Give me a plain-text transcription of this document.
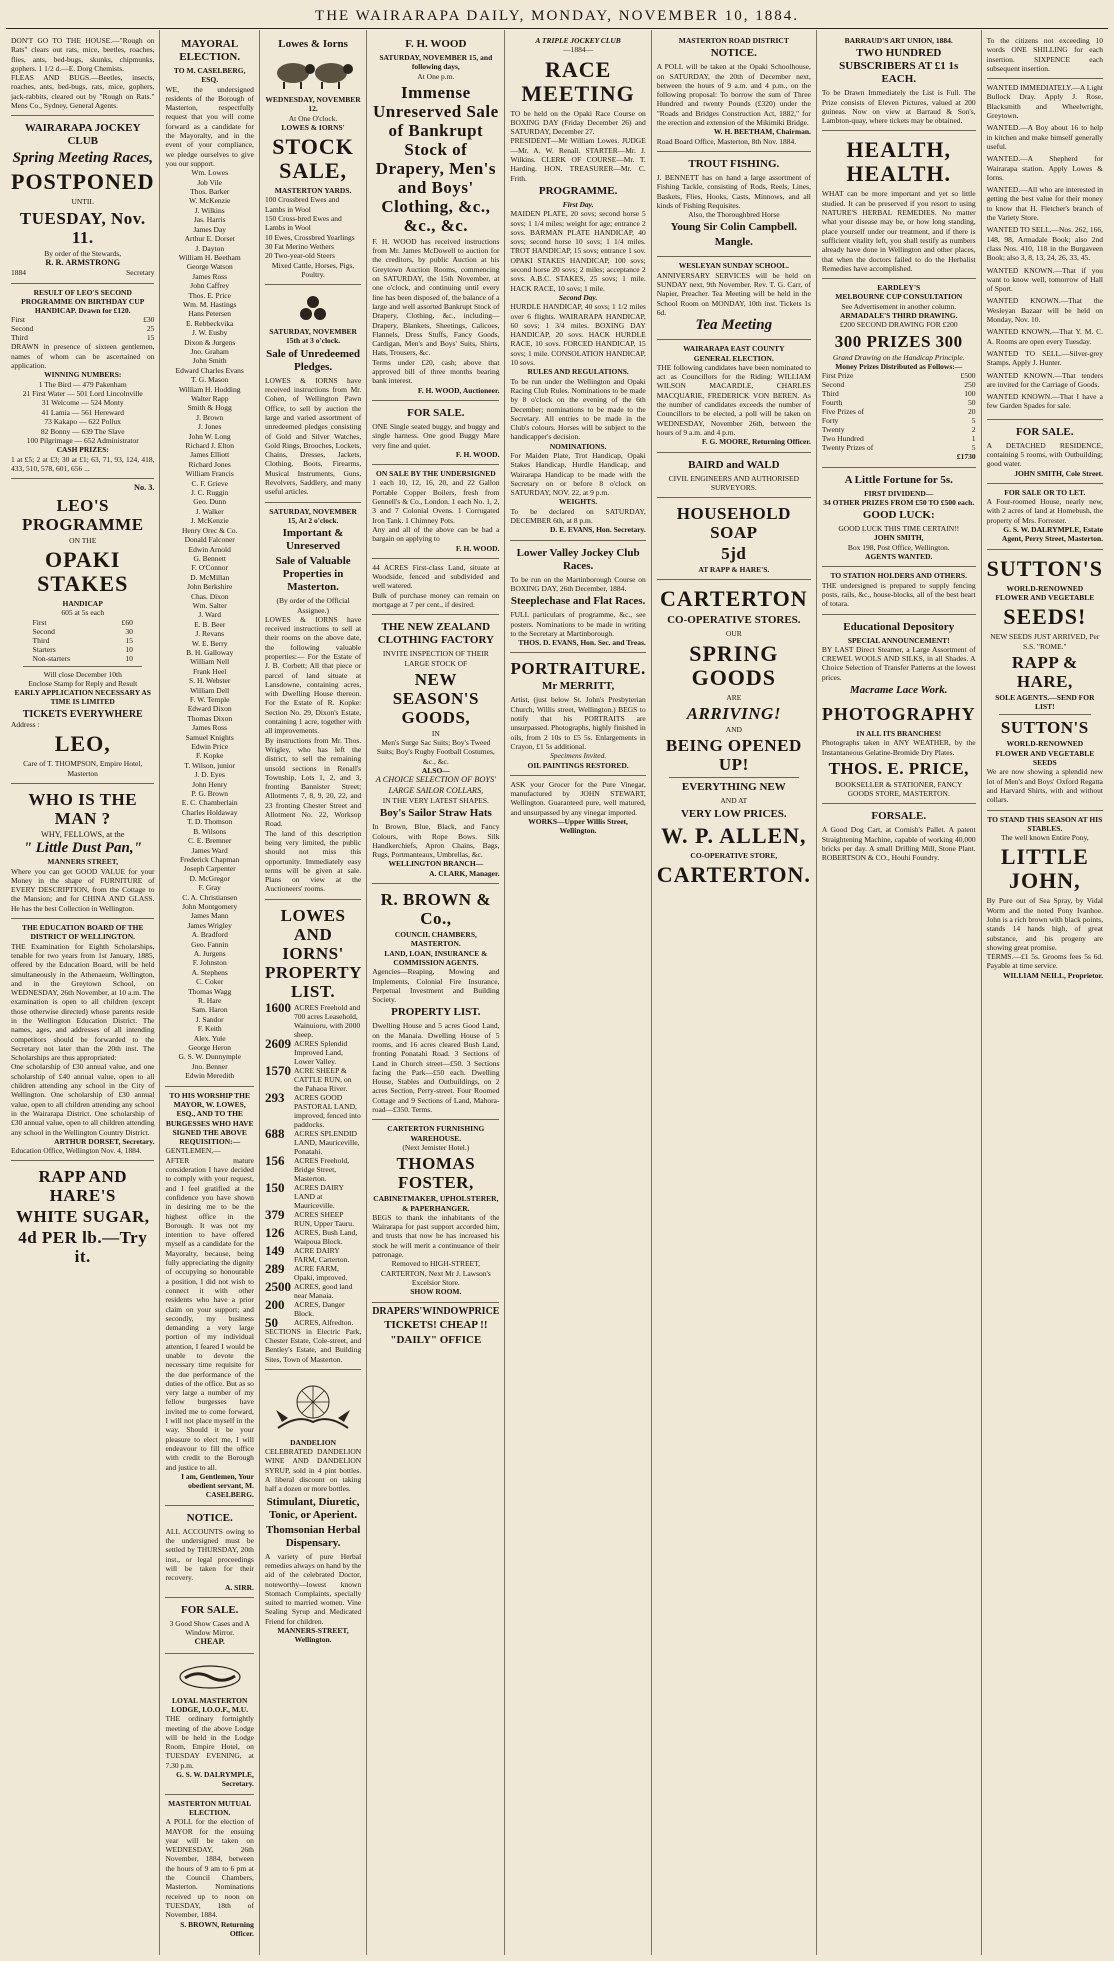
THE WAIRARAPA DAILY, MONDAY, NOVEMBER 10, 1884.
DON'T GO TO THE HOUSE.—"Rough on Rats" clears out rats, mice, beetles, roaches, flies, ants, bed-bugs, skunks, chipmunks, gophers. 1 1/2 d.—E. Dorg Chemists.
FLEAS AND BUGS.—Beetles, insects, roaches, ants, bed-bugs, rats, mice, gophers, jack-rabbits, cleared out by "Rough on Rats." Mens Co., Sydney, General Agents.
WAIRARAPA JOCKEY CLUB
Spring Meeting Races,
POSTPONED
UNTIL
TUESDAY, Nov. 11.
By order of the Stewards,
R. R. ARMSTRONG
1884	Secretary
RESULT OF LEO'S SECOND PROGRAMME ON BIRTHDAY CUP HANDICAP. Drawn for £120.
First	£30
Second	25
Third	15
DRAWN in presence of sixteen gentlemen, names of whom can be ascertained on application.
WINNING NUMBERS:
1 The Bird — 479 Pakenham
21 First Water — 501 Lord Lincolnville
31 Welcome — 524 Monty
41 Lamia — 561 Hereward
73 Kakapo — 622 Pollux
82 Bonny — 639 The Slave
100 Pilgrimage — 652 Administrator
CASH PRIZES:
1 at £5; 2 at £3; 30 at £1; 63, 71, 93, 124, 418, 433, 510, 578, 601, 656 ...
No. 3.
LEO'S PROGRAMME
ON THE
OPAKI STAKES
HANDICAP
605 at 5s each
First	£60
Second	30
Third	15
Starters	10
Non-starters	10
Will close December 10th
Enclose Stamp for Reply and Result
EARLY APPLICATION NECESSARY AS TIME IS LIMITED
TICKETS EVERYWHERE
Address :
LEO,
Care of T. THOMPSON, Empire Hotel, Masterton
WHO IS THE MAN ?
WHY, FELLOWS, at the
" Little Dust Pan,"
MANNERS STREET,
Where you can get GOOD VALUE for your Money in the shape of FURNITURE of EVERY DESCRIPTION, from the Cottage to the Mansion; and for CHINA AND GLASS. He has the best Collection in Wellington.
THE EDUCATION BOARD OF THE DISTRICT OF WELLINGTON.
THE Examination for Eighth Scholarships, tenable for two years from 1st January, 1885, offered by the Education Board, will be held simultaneously in the Athenaeum, Wellington, and in the Greytown School, on WEDNESDAY, 26th November, at 10 a.m. The examination is open to all children (except those otherwise directed) whose parents reside in the Wellington Education District. The names, ages, and addresses of all intending competitors should be forwarded to the Secretary not later than the 20th inst. The Scholarships are thus appropriated:
One scholarship of £30 annual value, and one scholarship of £40 annual value, open to all children attending any school in the City of Wellington. One scholarship of £30 annual value, open to all children attending any school in the Wairarapa District. One scholarship of £30 annual value, open to all children attending any school in the Wellington Country District.
ARTHUR DORSET, Secretary.
Education Office, Wellington Nov. 4, 1884.
RAPP AND HARE'S
WHITE SUGAR,
4d PER lb.—Try it.
MAYORAL ELECTION.
TO M. CASELBERG, ESQ.
WE, the undersigned residents of the Borough of Masterton, respectfully request that you will come forward as a candidate for the Mayoralty, and in the event of your compliance, we pledge ourselves to give you our support.
Wm. Lowes
Job Vile
Thos. Barker
W. McKenzie
J. Wilkins
Jas. Harris
James Day
Arthur E. Dorset
J. Dayton
William H. Beetham
George Watson
James Ross
John Caffrey
Thos. E. Price
Wm. M. Hastings
Hans Petersen
E. Rebbeckvika
J. W. Eusby
Dixon & Jurgens
Jno. Graham
John Smith
Edward Charles Evans
T. G. Mason
William H. Hodding
Walter Rapp
Smith & Hogg
J. Brown
J. Jones
John W. Long
Richard J. Elton
James Elliott
Richard Jones
William Francis
C. F. Grieve
J. C. Ruggin
Geo. Dunn
J. Walker
J. McKenzie
Henry Orec & Co.
Donald Falconer
Edwin Arnold
G. Bennett
F. O'Connor
D. McMillan
John Berkshire
Chas. Dixon
Wm. Salter
J. Ward
E. B. Beer
J. Revans
W. E. Berry
B. H. Galloway
William Nell
Frank Heel
S. H. Webster
William Dell
F. W. Temple
Edward Dixon
Thomas Dixon
James Ross
Samuel Knights
Edwin Price
F. Kopke
T. Wilson, junior
J. D. Eyes
John Henry
P. G. Brown
E. C. Chamberlain
Charles Holdaway
T. D. Thomson
B. Wilsons
C. E. Bremner
James Ward
Frederick Chapman
Joseph Carpenter
D. McGregor
F. Gray
C. A. Christiansen
John Montgomery
James Mann
James Wrigley
A. Bradford
Geo. Fannin
A. Jurgens
F. Johnston
A. Stephens
C. Coker
Thomas Wagg
R. Hare
Sam. Haron
J. Sandor
F. Keith
Alex. Yule
George Heron
G. S. W. Dunnymple
Jno. Benner
Edwin Meredith
TO HIS WORSHIP THE MAYOR, W. LOWES, ESQ., AND TO THE BURGESSES WHO HAVE SIGNED THE ABOVE REQUISITION:—
GENTLEMEN,—
AFTER mature consideration I have decided to comply with your request, and I feel gratified at the confidence you have shown in desiring me to be the highest office in the Borough. It was not my intention to have offered myself as a candidate for the Mayoralty, because, being fully appreciating the dignity of occupying so honourable a position, I did not wish to connect it with other residents who have a prior claim on your support; and secondly, my business demanding a very large portion of my individual attention, I feared I would be unable to devote the necessary time requisite for the due performance of the duties of the office. But as so very large a number of my fellow burgesses have invited me to come forward, I will not place myself in the way. Should it be your pleasure to elect me, I will endeavour to fill the office with credit to the Borough and justice to all.
I am, Gentlemen, Your obedient servant, M. CASELBERG.
NOTICE.
ALL ACCOUNTS owing to the undersigned must be settled by THURSDAY, 20th inst., or legal proceedings will be taken for their recovery.
A. SIRR.
FOR SALE.
3 Good Show Cases and A Window Mirror.
CHEAP.
LOYAL MASTERTON LODGE, I.O.O.F., M.U.
THE ordinary fortnightly meeting of the above Lodge will be held in the Lodge Room, Empire Hotel, on TUESDAY EVENING, at 7.30 p.m.
G. S. W. DALRYMPLE, Secretary.
MASTERTON MUTUAL ELECTION.
A POLL for the election of MAYOR for the ensuing year will be taken on WEDNESDAY, 26th November, 1884, between the hours of 9 am to 6 pm at the Council Chambers, Masterton. Nominations received up to noon on TUESDAY, 18th of November, 1884.
S. BROWN, Returning Officer.
Lowes & Iorns
WEDNESDAY, NOVEMBER 12.
At One O'clock.
LOWES & IORNS'
STOCK SALE,
MASTERTON YARDS.
100 Crossbred Ewes and Lambs in Wool
150 Cross-bred Ewes and Lambs in Wool
10 Ewes, Crossbred Yearlings
30 Fat Merino Wethers
20 Two-year-old Steers
Mixed Cattle, Horses, Pigs, Poultry.
SATURDAY, NOVEMBER 15th at 3 o'clock.
Sale of Unredeemed Pledges.
LOWES & IORNS have received instructions from Mr. Cohen, of Wellington Pawn Office, to sell by auction the large and varied assortment of unredeemed pledges consisting of Gold and Silver Watches, Gold Rings, Brooches, Lockets, Chains, Dresses, Jackets, Clothing, Boots, Firearms, Musical Instruments, Guns, Revolvers, Saddlery, and many useful articles.
SATURDAY, NOVEMBER 15, At 2 o'clock.
Important & Unreserved
Sale of Valuable Properties in Masterton.
(By order of the Official Assignee.)
LOWES & IORNS have received instructions to sell at their rooms on the above date, the following valuable properties:— For the Estate of J. B. Corbett; All that piece or parcel of land situate at Lansdowne, containing acres, with Dwelling House thereon. For the Estate of R. Kopke: Section No. 29, Dixon's Estate, containing 1 acre, together with all improvements.
By instructions from Mr. Thos. Wrigley, who has left the district, to sell the remaining unsold sections in Renall's Township, Lots 1, 2, and 3, fronting Bannister Street; Allotments 7, 8, 9, 20, 22, and 23 fronting Chester Street and Allotment No. 22, Worksop Road.
The land of this description being very limited, the public should not miss this opportunity. Immediately easy terms will be given at sale. Plans on view at the Auctioneers' rooms.
LOWES AND IORNS' PROPERTY LIST.
1600	ACRES Freehold and 700 acres Leasehold, Wainuioru, with 2000 sheep.
2609	ACRES Splendid Improved Land, Lower Valley.
1570	ACRE SHEEP & CATTLE RUN, on the Pahaoa River.
293	ACRES GOOD PASTORAL LAND, improved, fenced into paddocks.
688	ACRES SPLENDID LAND, Mauriceville, Ponatahi.
156	ACRES Freehold, Bridge Street, Masterton.
150	ACRES DAIRY LAND at Mauriceville.
379	ACRES SHEEP RUN, Upper Tauru.
126	ACRES, Bush Land, Waipoua Block.
149	ACRE DAIRY FARM, Carterton.
289	ACRE FARM, Opaki, improved.
2500	ACRES, good land near Manaia.
200	ACRES, Danger Block.
50	ACRES, Alfredton.
SECTIONS in Electric Park, Chester Estate, Cole-street, and Bentley's Estate, and Building Sites, Town of Masterton.
DANDELION
CELEBRATED DANDELION WINE AND DANDELION SYRUP, sold in 4 pint bottles. A liberal discount on taking half a dozen or more bottles.
Stimulant, Diuretic, Tonic, or Aperient.
Thomsonian Herbal Dispensary.
A variety of pure Herbal remedies always on hand by the aid of the celebrated Doctor, noteworthy—lowest known Stomach Complaints, specially suited to married women. Vine Sealing Syrup and Medicated Friend for children.
MANNERS-STREET, Wellington.
F. H. WOOD
SATURDAY, NOVEMBER 15, and following days,
At One p.m.
Immense Unreserved Sale of Bankrupt Stock of Drapery, Men's and Boys' Clothing, &c., &c., &c.
F. H. WOOD has received instructions from Mr. James McDowell to auction for the creditors, by public Auction at his Greytown Auction Rooms, commencing on SATURDAY, the 15th November, at one o'clock, and continuing until every line has been disposed of, the balance of a large and well assorted Bankrupt Stock of Drapery, Clothing, &c., including— Drapery, Blankets, Sheetings, Calicoes, Flannels, Dress Stuffs, Fancy Goods, Cardigan, Men's and Boys' Suits, Shirts, Hats, Trousers, &c.
Terms under £20, cash; above that approved bill of three months bearing bank interest.
F. H. WOOD, Auctioneer.
FOR SALE.
ONE Single seated buggy, and buggy and single harness. One good Buggy Mare very fine and quiet.
F. H. WOOD.
ON SALE BY THE UNDERSIGNED
1 each 10, 12, 16, 20, and 22 Gallon Portable Copper Boilers, fresh from Gennell's & Co., London. 1 each No. 1, 2, 3 and 7 Colonial Ovens. 1 Corrugated Iron Tank. 1 Chimney Pots.
Any and all of the above can be had a bargain on applying to
F. H. WOOD.
44 ACRES First-class Land, situate at Woodside, fenced and subdivided and well watered.
Bulk of purchase money can remain on mortgage at 7 per cent., if desired.
THE NEW ZEALAND CLOTHING FACTORY
INVITE INSPECTION OF THEIR LARGE STOCK OF
NEW SEASON'S GOODS,
IN
Men's Surge Sac Suits; Boy's Tweed Suits; Boy's Rugby Football Costumes, &c., &c.
ALSO—
A CHOICE SELECTION OF BOYS' LARGE SAILOR COLLARS,
IN THE VERY LATEST SHAPES.
Boy's Sailor Straw Hats
In Brown, Blue, Black, and Fancy Colours, with Rope Bows. Silk Handkerchiefs, Apron Chains, Bags, Rugs, Portmanteaux, Umbrellas, &c.
WELLINGTON BRANCH—
A. CLARK, Manager.
R. BROWN & Co.,
COUNCIL CHAMBERS, MASTERTON.
LAND, LOAN, INSURANCE & COMMISSION AGENTS.
Agencies—Reaping, Mowing and Implements, Colonial Fire Insurance, Perpetual Investment and Building Society.
PROPERTY LIST.
Dwelling House and 5 acres Good Land, on the Manaia. Dwelling House of 5 rooms, and 16 acres cleared Bush Land, fronting Ponatahi Road. 3 Sections of Land in Church street—£50. 3 Sections facing the Park—£50 each. Dwelling House, Stables and Outbuildings, on 2 acres Section, Perry-street. Four Roomed Cottage and 9 Sections of Land, Mahora-road—£350. Terms.
CARTERTON FURNISHING WAREHOUSE.
(Next Jemister Hotel.)
THOMAS FOSTER,
CABINETMAKER, UPHOLSTERER, & PAPERHANGER.
BEGS to thank the inhabitants of the Wairarapa for past support accorded him, and trusts that now he has increased his stock he will merit a continuance of their patronage.
Removed to HIGH-STREET, CARTERTON, Next Mr J. Lawson's Excelsior Store.
SHOW ROOM.
DRAPERS' WINDOW PRICE
TICKETS! CHEAP !!
"DAILY" OFFICE
A TRIPLE JOCKEY CLUB
—1884—
RACE MEETING
TO be held on the Opaki Race Course on BOXING DAY (Friday December 26) and SATURDAY, December 27.
PRESIDENT—Mr William Lowes. JUDGE—Mr. A. W. Renall. STARTER—Mr. J. Wilkins. CLERK OF COURSE—Mr. T. Harding. HON. TREASURER—Mr. C. Frith.
PROGRAMME.
First Day.
MAIDEN PLATE, 20 sovs; second horse 5 sovs; 1 1/4 miles; weight for age; entrance 2 sovs. BARMAN PLATE HANDICAP, 40 sovs; second horse 10 sovs; 1 1/4 miles. TROT HANDICAP, 15 sovs; entrance 1 sov. OPAKI STAKES HANDICAP, 100 sovs; second horse 20 sovs; 2 miles; acceptance 2 sovs. A.B.C. STAKES, 25 sovs; 1 mile. HACK RACE, 10 sovs; 1 mile.
Second Day.
HURDLE HANDICAP, 40 sovs; 1 1/2 miles over 6 flights. WAIRARAPA HANDICAP, 60 sovs; 1 3/4 miles. BOXING DAY HANDICAP, 20 sovs. HACK HURDLE RACE, 10 sovs. FORCED HANDICAP, 15 sovs; 1 mile. CONSOLATION HANDICAP, 10 sovs.
RULES AND REGULATIONS.
To be run under the Wellington and Opaki Racing Club Rules. Nominations to be made by 8 o'clock on the evening of the 6th December; nominations to be made to the Secretary. All entries to be made in the Club's colours. Horses will be subject to the handicapper's decision.
NOMINATIONS.
For Maiden Plate, Trot Handicap, Opaki Stakes Handicap, Hurdle Handicap, and Wairarapa Handicap to be made with the Secretary on or before 8 o'clock on SATURDAY, NOV. 22, at 9 p.m.
WEIGHTS.
To be declared on SATURDAY, DECEMBER 6th, at 8 p.m.
D. E. EVANS, Hon. Secretary.
Lower Valley Jockey Club Races.
To be run on the Martinborough Course on BOXING DAY, 26th December, 1884.
Steeplechase and Flat Races.
FULL particulars of programme, &c., see posters. Nominations to be made in writing to the Secretary at Martinborough.
THOS. D. EVANS, Hon. Sec. and Treas.
PORTRAITURE.
Mr MERRITT,
Artist, (just below St. John's Presbyterian Church, Willis street, Wellington.) BEGS to notify that his PORTRAITS are unsurpassed. Photographs, highly finished in oils, from 2 10s to £5 5s. Enlargements in Crayon, £1 5s additional.
Specimens Invited.
OIL PAINTINGS RESTORED.
ASK your Grocer for the Pure Vinegar, manufactured by JOHN STEWART, Wellington. Guaranteed pure, well matured, and unsurpassed by any vinegar imported.
WORKS—Upper Willis Street, Wellington.
MASTERTON ROAD DISTRICT
NOTICE.
A POLL will be taken at the Opaki Schoolhouse, on SATURDAY, the 20th of December next, between the hours of 9 a.m. and 4 p.m., on the following proposal: To borrow the sum of Three Hundred and twenty Pounds (£320) under the "Roads and Bridges Construction Act, 1882," for the erection and extension of the Mikimiki Bridge.
W. H. BEETHAM, Chairman.
Road Board Office, Masterton, 8th Nov. 1884.
TROUT FISHING.
J. BENNETT has on hand a large assortment of Fishing Tackle, consisting of Rods, Reels, Lines, Baskets, Flies, Hooks, Casts, Minnows, and all kinds of Fishing Requisites.
Also, the Thoroughbred Horse
Young Sir Colin Campbell.
Mangle.
WESLEYAN SUNDAY SCHOOL.
ANNIVERSARY SERVICES will be held on SUNDAY next, 9th November. Rev. T. G. Carr, of Napier, Preacher. Tea Meeting will be held in the School Room on MONDAY, 10th inst. Tickets 1s 6d.
Tea Meeting
WAIRARAPA EAST COUNTY
GENERAL ELECTION.
THE following candidates have been nominated to act as Councillors for the Riding: WILLIAM WILSON MACARDLE, CHARLES MACQUARIE, FREDERICK VON BEREN. As the number of candidates exceeds the number of Councillors to be elected, a poll will be taken on WEDNESDAY, November 26th, between the hours of 9 a.m. and 4 p.m.
F. G. MOORE, Returning Officer.
BAIRD and WALD
CIVIL ENGINEERS AND AUTHORISED SURVEYORS.
HOUSEHOLD SOAP
5jd
AT RAPP & HARE'S.
CARTERTON
CO-OPERATIVE STORES.
OUR
SPRING GOODS
ARE
ARRIVING!
AND
BEING OPENED UP!
EVERYTHING NEW
AND AT
VERY LOW PRICES.
W. P. ALLEN,
CO-OPERATIVE STORE,
CARTERTON.
BARRAUD'S ART UNION, 1884.
TWO HUNDRED SUBSCRIBERS AT £1 1s EACH.
To be Drawn Immediately the List is Full. The Prize consists of Eleven Pictures, valued at 200 guineas. Now on view at Barraud & Son's, Lambton-quay, where tickets may be obtained.
HEALTH, HEALTH.
WHAT can be more important and yet so little studied. It can be preserved if you resort to using NATURE'S HERBAL REMEDIES. No matter what your disease may be, or how long standing, place yourself under our treatment, and if there is sufficient vitality left, you shall testify as numbers already have done in Wellington and other places, that when the doctors failed to do the Herbalist Remedies have accomplished.
EARDLEY'S
MELBOURNE CUP CONSULTATION
See Advertisement in another column.
ARMADALE'S THIRD DRAWING.
£200 SECOND DRAWING FOR £200
300 PRIZES 300
Grand Drawing on the Handicap Principle.
Money Prizes Distributed as Follows:—
First Prize	£500
Second	250
Third	100
Fourth	50
Five Prizes of	20
Forty	5
Twenty	2
Two Hundred	1
Twenty Prizes of	5
£1730
A Little Fortune for 5s.
FIRST DIVIDEND—
34 OTHER PRIZES FROM £50 TO £500 each.
GOOD LUCK:
GOOD LUCK THIS TIME CERTAIN!!
JOHN SMITH,
Box 198, Post Office, Wellington.
AGENTS WANTED.
TO STATION HOLDERS AND OTHERS.
THE undersigned is prepared to supply fencing posts, rails, &c., house-blocks, all of the best heart of totara.
Educational Depository
SPECIAL ANNOUNCEMENT!
BY LAST Direct Steamer, a Large Assortment of CREWEL WOOLS AND SILKS, in all Shades. A Choice Selection of Transfer Patterns at the lowest prices.
Macrame Lace Work.
PHOTOGRAPHY
IN ALL ITS BRANCHES!
Photographs taken in ANY WEATHER, by the Instantaneous Gelatine-Bromide Dry Plates.
THOS. E. PRICE,
BOOKSELLER & STATIONER, FANCY GOODS STORE, MASTERTON.
FORSALE.
A Good Dog Cart, at Cornish's Pallet. A patent Straightening Machine, capable of working 40,000 bricks per day. A small Drilling Mill, Stone Plant. ROBERTSON & CO., Houhi Foundry.
To the citizens not exceeding 10 words ONE SHILLING for each insertion. SIXPENCE each subsequent insertion.
WANTED IMMEDIATELY.—A Light Bullock Dray. Apply J. Rose, Blacksmith and Wheelwright, Greytown.
WANTED.—A Boy about 16 to help in kitchen and make himself generally useful.
WANTED.—A Shepherd for Wairarapa station. Apply Lowes & Iorns.
WANTED.—All who are interested in getting the best value for their money to know that H. Fletcher's branch of the Variety Store.
WANTED TO SELL.—Nos. 262, 166, 148, 98, Armadale Book; also 2nd class Nos. 410, 118 in the Burgaveen Book; also 3, 8, 13, 24, 26, 33, 45.
WANTED KNOWN.—That if you want to know well, tomorrow of Hall of Sport.
WANTED KNOWN.—That the Wesleyan Bazaar will be held on Monday, Nov. 10.
WANTED KNOWN.—That Y. M. C. A. Rooms are open every Tuesday.
WANTED TO SELL.—Silver-grey Stamps, Apply J. Hunter.
WANTED KNOWN.—That tenders are invited for the Carriage of Goods.
WANTED KNOWN.—That I have a few Garden Spades for sale.
FOR SALE.
A DETACHED RESIDENCE, containing 5 rooms, with Outbuilding; good water.
JOHN SMITH, Cole Street.
FOR SALE OR TO LET.
A Four-roomed House, nearly new, with 2 acres of land at Homebush, the property of Mrs. Forrester.
G. S. W. DALRYMPLE, Estate Agent, Perry Street, Masterton.
SUTTON'S
WORLD-RENOWNED
FLOWER AND VEGETABLE
SEEDS!
NEW SEEDS JUST ARRIVED, Per S.S. "ROME."
RAPP & HARE,
SOLE AGENTS.—SEND FOR LIST!
SUTTON'S
WORLD-RENOWNED
FLOWER AND VEGETABLE SEEDS
We are now showing a splendid new lot of Men's and Boys' Oxford Regatta and Harvard Shirts, with and without collars.
TO STAND THIS SEASON AT HIS STABLES.
The well known Entire Pony,
LITTLE JOHN,
By Pure out of Sea Spray, by Vidal Worm and the noted Pony Ivanhoe. John is a rich brown with black points, stands 14 hands high, of great substance, and his progeny are showing great promise.
TERMS.—£1 5s. Grooms fees 5s 6d. Payable at time service.
WILLIAM NEILL, Proprietor.
